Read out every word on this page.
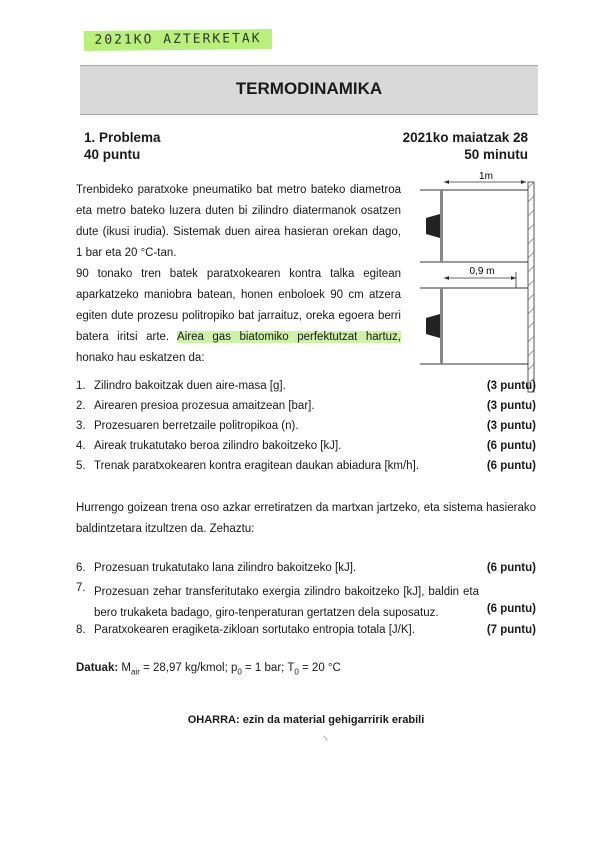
2021KO AZTERKETAK
TERMODINAMIKA
1. Problema
40 puntu
2021ko maiatzak 28
50 minutu
Trenbideko paratxoke pneumatiko bat metro bateko diametroa eta metro bateko luzera duten bi zilindro diatermanok osatzen dute (ikusi irudia). Sistemak duen airea hasieran orekan dago, 1 bar eta 20 °C-tan.
90 tonako tren batek paratxokearen kontra talka egitean aparkatzeko maniobra batean, honen enboloek 90 cm atzera egiten dute prozesu politropiko bat jarraituz, oreka egoera berri batera iritsi arte. Airea gas biatomiko perfektutzat hartuz, honako hau eskatzen da:
1m
0,9 m
1. Zilindro bakoitzak duen aire-masa [g].	(3 puntu)
2. Airearen presioa prozesua amaitzean [bar].	(3 puntu)
3. Prozesuaren berretzaile politropikoa (n).	(3 puntu)
4. Aireak trukatutako beroa zilindro bakoitzeko [kJ].	(6 puntu)
5. Trenak paratxokearen kontra eragitean daukan abiadura [km/h].	(6 puntu)
Hurrengo goizean trena oso azkar erretiratzen da martxan jartzeko, eta sistema hasierako baldintzetara itzultzen da. Zehaztu:
6. Prozesuan trukatutako lana zilindro bakoitzeko [kJ].	(6 puntu)
7. Prozesuan zehar transferitutako exergia zilindro bakoitzeko [kJ], baldin eta bero trukaketa badago, giro-tenperaturan gertatzen dela suposatuz.	(6 puntu)
8. Paratxokearen eragiketa-zikloan sortutako entropia totala [J/K].	(7 puntu)
Datuak: $M_{air} = 28,97$ kg/kmol; $p_0 = 1$ bar; $T_0 = 20$ °C
OHARRA: ezin da material gehigarririk erabili
